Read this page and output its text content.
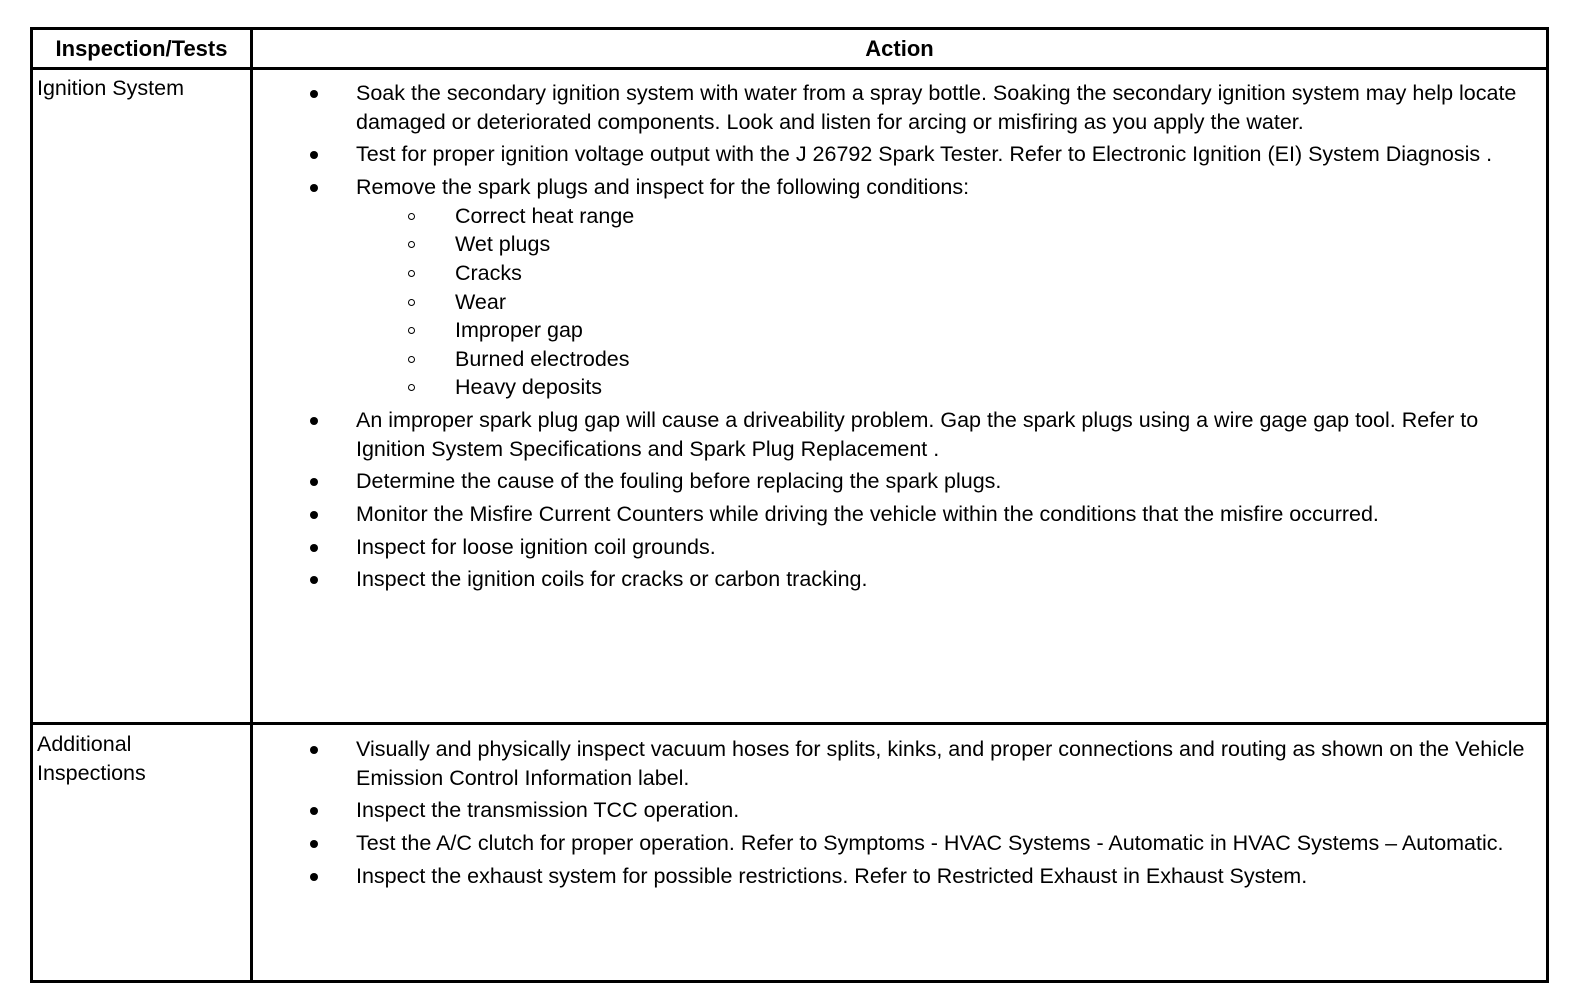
Inspection/Tests	Action
Ignition System	Soak the secondary ignition system with water from a spray bottle. Soaking the secondary ignition system may help locate damaged or deteriorated components. Look and listen for arcing or misfiring as you apply the water.
Test for proper ignition voltage output with the J 26792 Spark Tester. Refer to Electronic Ignition (EI) System Diagnosis .
Remove the spark plugs and inspect for the following conditions:
Correct heat range
Wet plugs
Cracks
Wear
Improper gap
Burned electrodes
Heavy deposits
An improper spark plug gap will cause a driveability problem. Gap the spark plugs using a wire gage gap tool. Refer to Ignition System Specifications and Spark Plug Replacement .
Determine the cause of the fouling before replacing the spark plugs.
Monitor the Misfire Current Counters while driving the vehicle within the conditions that the misfire occurred.
Inspect for loose ignition coil grounds.
Inspect the ignition coils for cracks or carbon tracking.
Additional
Inspections
Visually and physically inspect vacuum hoses for splits, kinks, and proper connections and routing as shown on the Vehicle Emission Control Information label.
Inspect the transmission TCC operation.
Test the A/C clutch for proper operation. Refer to Symptoms - HVAC Systems - Automatic in HVAC Systems – Automatic.
Inspect the exhaust system for possible restrictions. Refer to Restricted Exhaust in Exhaust System.
